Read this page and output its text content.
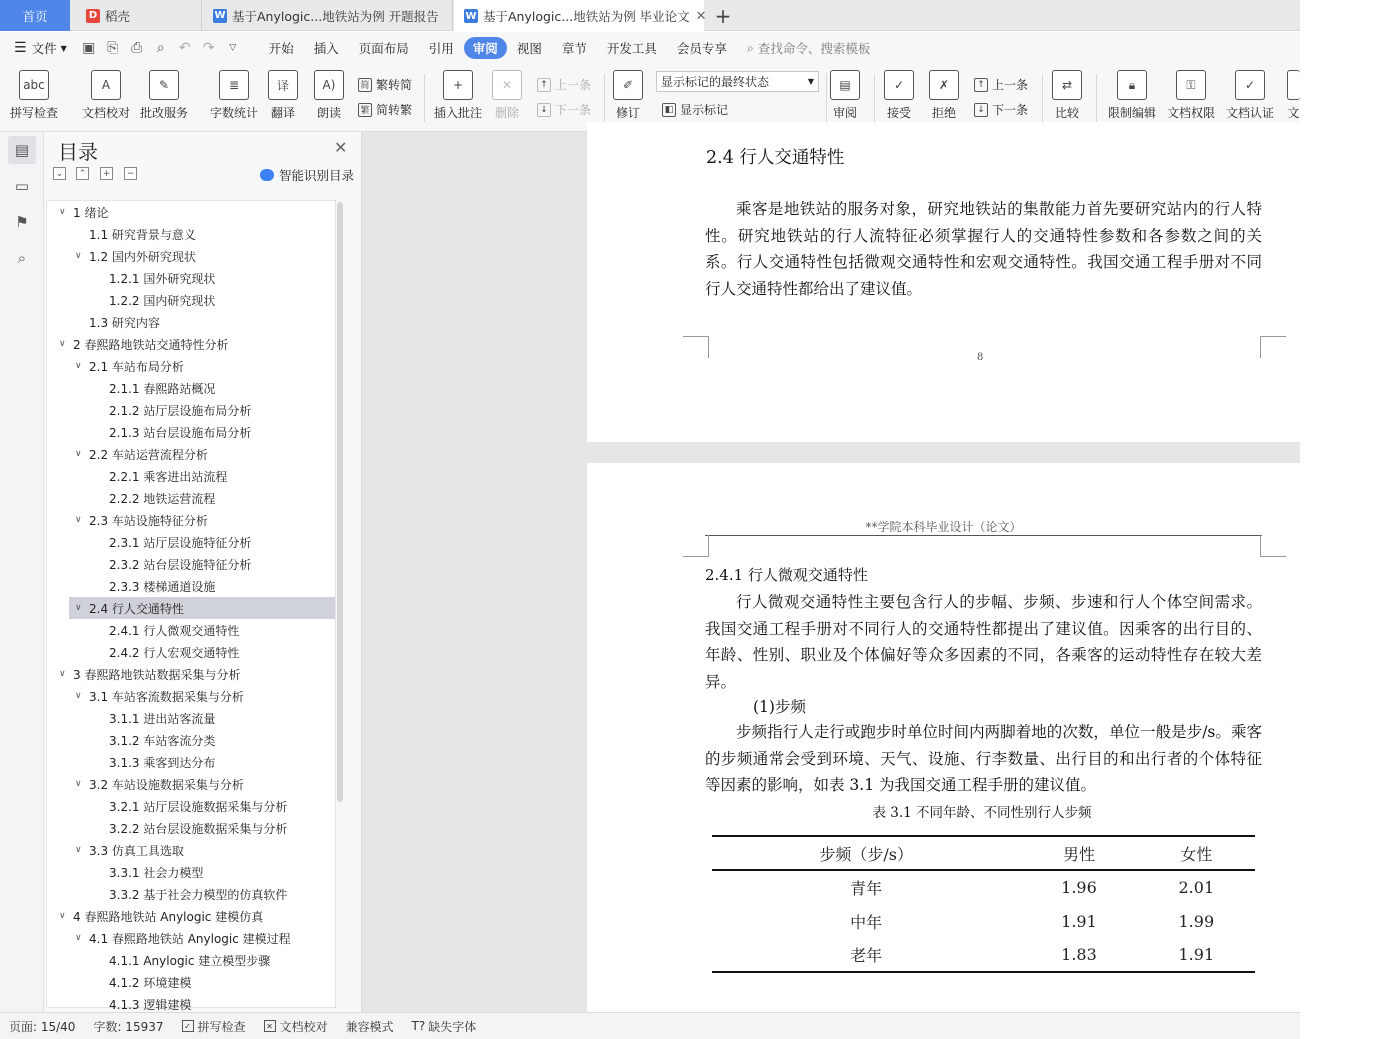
首页	D 稻壳	W 基于Anylogic...地铁站为例 开题报告	W 基于Anylogic...地铁站为例 毕业论文 ✕ +
☰ 文件 ▼ ▣ ⎘ ⎙	⌕	↶ ↷	▽	开始	插入	页面布局	引用	审阅	视图	章节	开发工具	会员专享	⌕ 查找命令、搜索模板
abc
拼写检查
A
文档校对
✎
批改服务
≣
字数统计
译
翻译
A)
朗读
简 繁转简
繁 简转繁
+
插入批注
✕
删除
↑ 上一条
↓ 下一条
✐
修订	◧ 显示标记
▤
审阅
✓
接受
✗
拒绝
↑ 上一条
↓ 下一条
⇄
比较
🔒︎
限制编辑
⚿
文档权限
✓
文档认证 文
显示标记的最终状态	▼
▤
▭
⚑
⌕
目录	✕
⌄	⌃	+	−	智能识别目录
∨ 1 绪论
1.1 研究背景与意义
∨ 1.2 国内外研究现状
1.2.1 国外研究现状
1.2.2 国内研究现状
1.3 研究内容
∨ 2 春熙路地铁站交通特性分析
∨ 2.1 车站布局分析
2.1.1 春熙路站概况
2.1.2 站厅层设施布局分析
2.1.3 站台层设施布局分析
∨ 2.2 车站运营流程分析
2.2.1 乘客进出站流程
2.2.2 地铁运营流程
∨ 2.3 车站设施特征分析
2.3.1 站厅层设施特征分析
2.3.2 站台层设施特征分析
2.3.3 楼梯通道设施
∨ 2.4 行人交通特性
2.4.1 行人微观交通特性
2.4.2 行人宏观交通特性
∨ 3 春熙路地铁站数据采集与分析
∨ 3.1 车站客流数据采集与分析
3.1.1 进出站客流量
3.1.2 车站客流分类
3.1.3 乘客到达分布
∨ 3.2 车站设施数据采集与分析
3.2.1 站厅层设施数据采集与分析
3.2.2 站台层设施数据采集与分析
∨ 3.3 仿真工具选取
3.3.1 社会力模型
3.3.2 基于社会力模型的仿真软件
∨ 4 春熙路地铁站 Anylogic 建模仿真
∨ 4.1 春熙路地铁站 Anylogic 建模过程
4.1.1 Anylogic 建立模型步骤
4.1.2 环境建模
4.1.3 逻辑建模
2.4 行人交通特性
乘客是地铁站的服务对象，研究地铁站的集散能力首先要研究站内的行人特性。研究地铁站的行人流特征必须掌握行人的交通特性参数和各参数之间的关系。行人交通特性包括微观交通特性和宏观交通特性。我国交通工程手册对不同行人交通特性都给出了建议值。
8
**学院本科毕业设计（论文）
2.4.1 行人微观交通特性
行人微观交通特性主要包含行人的步幅、步频、步速和行人个体空间需求。我国交通工程手册对不同行人的交通特性都提出了建议值。因乘客的出行目的、年龄、性别、职业及个体偏好等众多因素的不同，各乘客的运动特性存在较大差异。
(1)步频
步频指行人走行或跑步时单位时间内两脚着地的次数，单位一般是步/s。乘客的步频通常会受到环境、天气、设施、行李数量、出行目的和出行者的个体特征等因素的影响，如表 3.1 为我国交通工程手册的建议值。
表 3.1 不同年龄、不同性别行人步频
步频（步/s）	男性	女性
青年	1.96	2.01
中年	1.91	1.99
老年	1.83	1.91
页面: 15/40	字数: 15937	✓ 拼写检查	✕ 文档校对	兼容模式	T? 缺失字体
